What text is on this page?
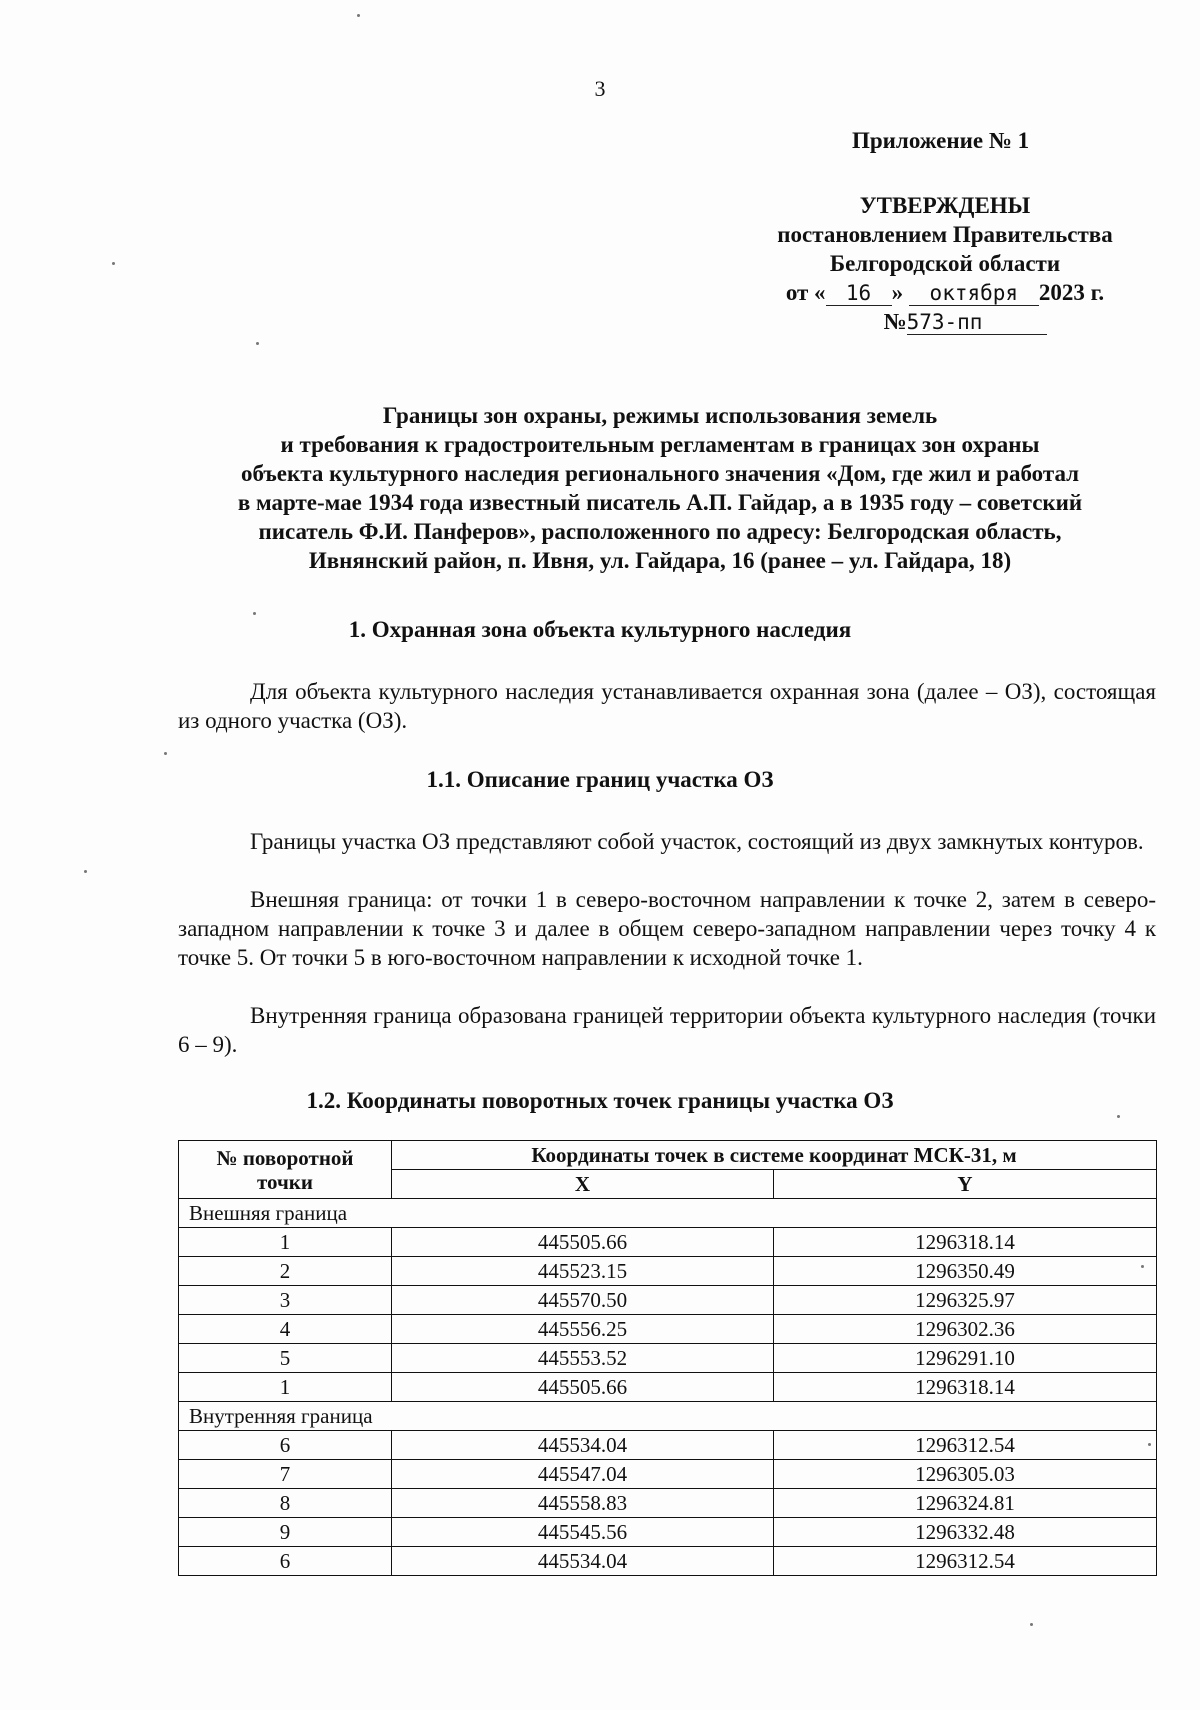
3
Приложение № 1
УТВЕРЖДЕНЫ
постановлением Правительства
Белгородской области
от « 16 » октября 2023 г.
№573-пп
Границы зон охраны, режимы использования земель
и требования к градостроительным регламентам в границах зон охраны
объекта культурного наследия регионального значения «Дом, где жил и работал
в марте-мае 1934 года известный писатель А.П. Гайдар, а в 1935 году – советский
писатель Ф.И. Панферов», расположенного по адресу: Белгородская область,
Ивнянский район, п. Ивня, ул. Гайдара, 16 (ранее – ул. Гайдара, 18)
1. Охранная зона объекта культурного наследия
Для объекта культурного наследия устанавливается охранная зона (далее – ОЗ), состоящая из одного участка (ОЗ).
1.1. Описание границ участка ОЗ
Границы участка ОЗ представляют собой участок, состоящий из двух замкнутых контуров.
Внешняя граница: от точки 1 в северо-восточном направлении к точке 2, затем в северо-западном направлении к точке 3 и далее в общем северо-западном направлении через точку 4 к точке 5. От точки 5 в юго-восточном направлении к исходной точке 1.
Внутренняя граница образована границей территории объекта культурного наследия (точки 6 – 9).
1.2. Координаты поворотных точек границы участка ОЗ
№ поворотной точки	Координаты точек в системе координат МСК-31, м	
	X	Y
Внешняя граница		
1	445505.66	1296318.14
2	445523.15	1296350.49
3	445570.50	1296325.97
4	445556.25	1296302.36
5	445553.52	1296291.10
1	445505.66	1296318.14
Внутренняя граница		
6	445534.04	1296312.54
7	445547.04	1296305.03
8	445558.83	1296324.81
9	445545.56	1296332.48
6	445534.04	1296312.54
